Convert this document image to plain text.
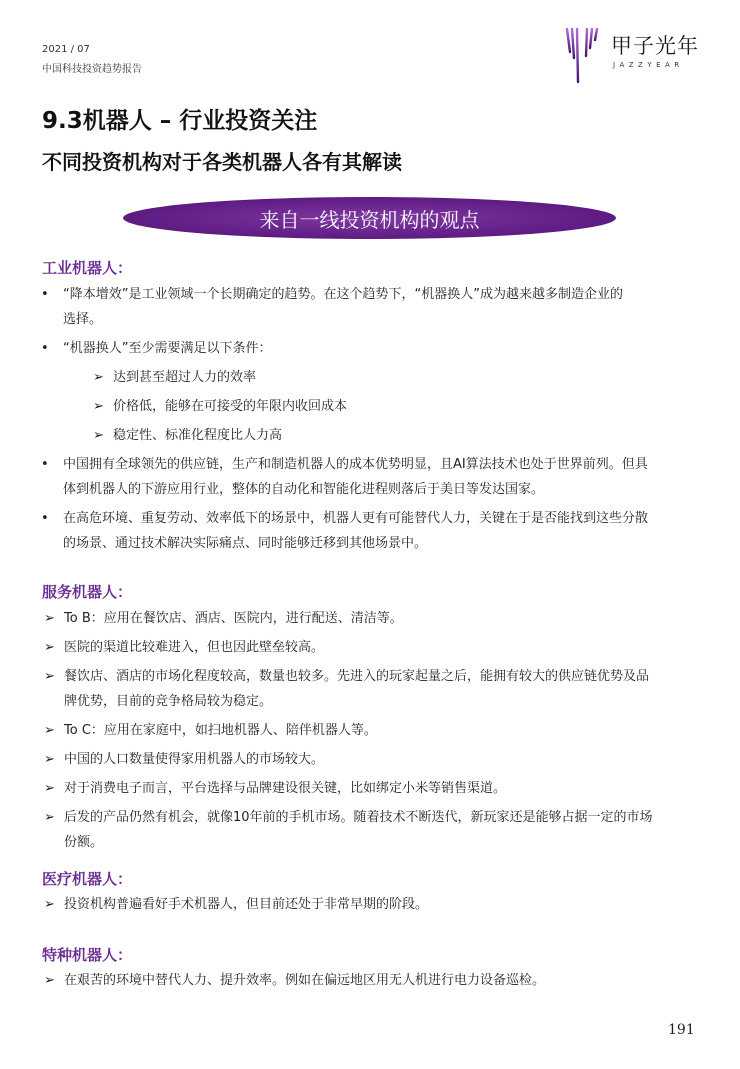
2021 / 07
中国科技投资趋势报告
甲子光年
JAZZYEAR
9.3机器人 – 行业投资关注
不同投资机构对于各类机器人各有其解读
来自一线投资机构的观点
工业机器人：
• “降本增效”是工业领域一个长期确定的趋势。在这个趋势下，“机器换人”成为越来越多制造企业的
选择。
• “机器换人”至少需要满足以下条件：
➢ 达到甚至超过人力的效率
➢ 价格低，能够在可接受的年限内收回成本
➢ 稳定性、标准化程度比人力高
• 中国拥有全球领先的供应链，生产和制造机器人的成本优势明显，且AI算法技术也处于世界前列。但具
体到机器人的下游应用行业，整体的自动化和智能化进程则落后于美日等发达国家。
• 在高危环境、重复劳动、效率低下的场景中，机器人更有可能替代人力，关键在于是否能找到这些分散
的场景、通过技术解决实际痛点、同时能够迁移到其他场景中。
服务机器人：
➢ To B：应用在餐饮店、酒店、医院内，进行配送、清洁等。
➢ 医院的渠道比较难进入，但也因此壁垒较高。
➢ 餐饮店、酒店的市场化程度较高，数量也较多。先进入的玩家起量之后，能拥有较大的供应链优势及品
牌优势，目前的竞争格局较为稳定。
➢ To C：应用在家庭中，如扫地机器人、陪伴机器人等。
➢ 中国的人口数量使得家用机器人的市场较大。
➢ 对于消费电子而言，平台选择与品牌建设很关键，比如绑定小米等销售渠道。
➢ 后发的产品仍然有机会，就像10年前的手机市场。随着技术不断迭代，新玩家还是能够占据一定的市场
份额。
医疗机器人：
➢ 投资机构普遍看好手术机器人，但目前还处于非常早期的阶段。
特种机器人：
➢ 在艰苦的环境中替代人力、提升效率。例如在偏远地区用无人机进行电力设备巡检。
191
